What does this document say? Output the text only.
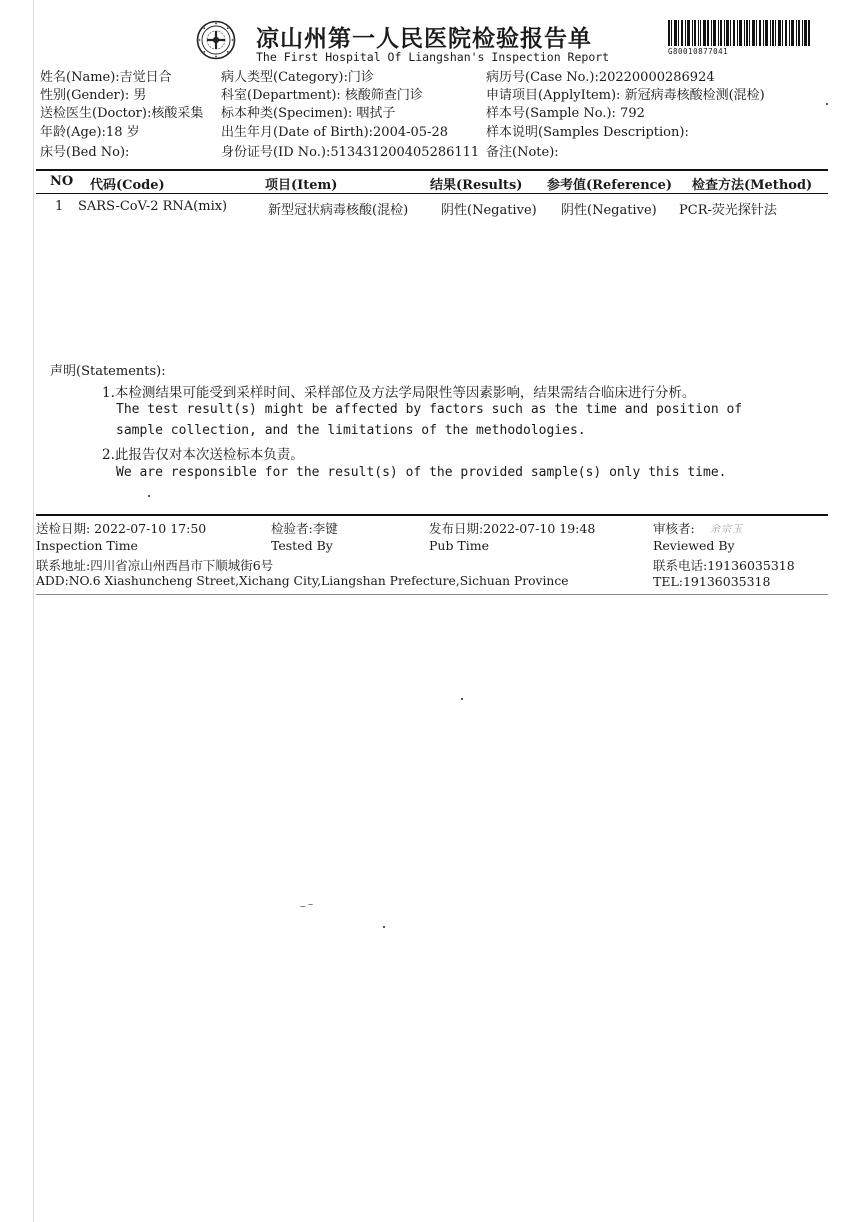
凉山州第一人民医院检验报告单
The First Hospital Of Liangshan's Inspection Report	G80010877041
姓名(Name):吉觉日合
性别(Gender): 男
送检医生(Doctor):核酸采集
年龄(Age):18 岁
床号(Bed No):
病人类型(Category):门诊
科室(Department): 核酸筛查门诊
标本种类(Specimen): 咽拭子
出生年月(Date of Birth):2004-05-28
身份证号(ID No.):513431200405286111
病历号(Case No.):20220000286924
申请项目(ApplyItem): 新冠病毒核酸检测(混检)
样本号(Sample No.): 792
样本说明(Samples Description):
备注(Note):
NO 代码(Code)	项目(Item)	结果(Results) 参考值(Reference) 检查方法(Method)
1 SARS-CoV-2 RNA(mix)	新型冠状病毒核酸(混检)	阴性(Negative) 阴性(Negative) PCR-荧光探针法
声明(Statements):
1.本检测结果可能受到采样时间、采样部位及方法学局限性等因素影响，结果需结合临床进行分析。
The test result(s) might be affected by factors such as the time and position of
sample collection, and the limitations of the methodologies.
2.此报告仅对本次送检标本负责。
We are responsible for the result(s) of the provided sample(s) only this time.
送检日期: 2022-07-10 17:50
Inspection Time
检验者:李键
Tested By
发布日期:2022-07-10 19:48
Pub Time
审核者: 余宗玉
Reviewed By
联系地址:四川省凉山州西昌市下顺城街6号	联系电话:19136035318
ADD:NO.6 Xiashuncheng Street,Xichang City,Liangshan Prefecture,Sichuan Province	TEL:19136035318
